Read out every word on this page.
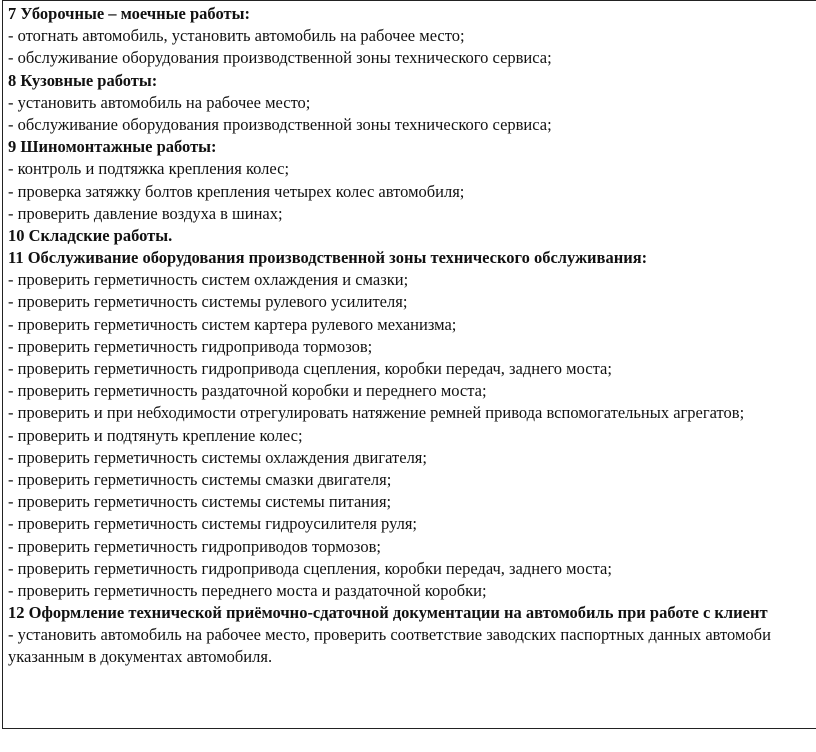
7 Уборочные – моечные работы:
- отогнать автомобиль, установить автомобиль на рабочее место;
- обслуживание оборудования производственной зоны технического сервиса;
8 Кузовные работы:
- установить автомобиль на рабочее место;
- обслуживание оборудования производственной зоны технического сервиса;
9 Шиномонтажные работы:
- контроль и подтяжка крепления колес;
- проверка затяжку болтов крепления четырех колес автомобиля;
- проверить давление воздуха в шинах;
10 Складские работы.
11 Обслуживание оборудования производственной зоны технического обслуживания:
- проверить герметичность систем охлаждения и смазки;
- проверить герметичность системы рулевого усилителя;
- проверить герметичность систем картера рулевого механизма;
- проверить герметичность гидропривода тормозов;
- проверить герметичность гидропривода сцепления, коробки передач, заднего моста;
- проверить герметичность раздаточной коробки и переднего моста;
- проверить и при небходимости отрегулировать натяжение ремней привода вспомогательных агрегатов;
- проверить и подтянуть крепление колес;
- проверить герметичность системы охлаждения двигателя;
- проверить герметичность системы смазки двигателя;
- проверить герметичность системы системы питания;
- проверить герметичность системы гидроусилителя руля;
- проверить герметичность гидроприводов тормозов;
- проверить герметичность гидропривода сцепления, коробки передач, заднего моста;
- проверить герметичность переднего моста и раздаточной коробки;
12 Оформление технической приёмочно-сдаточной документации на автомобиль при работе с клиент
- установить автомобиль на рабочее место, проверить соответствие заводских паспортных данных автомоби
указанным в документах автомобиля.
